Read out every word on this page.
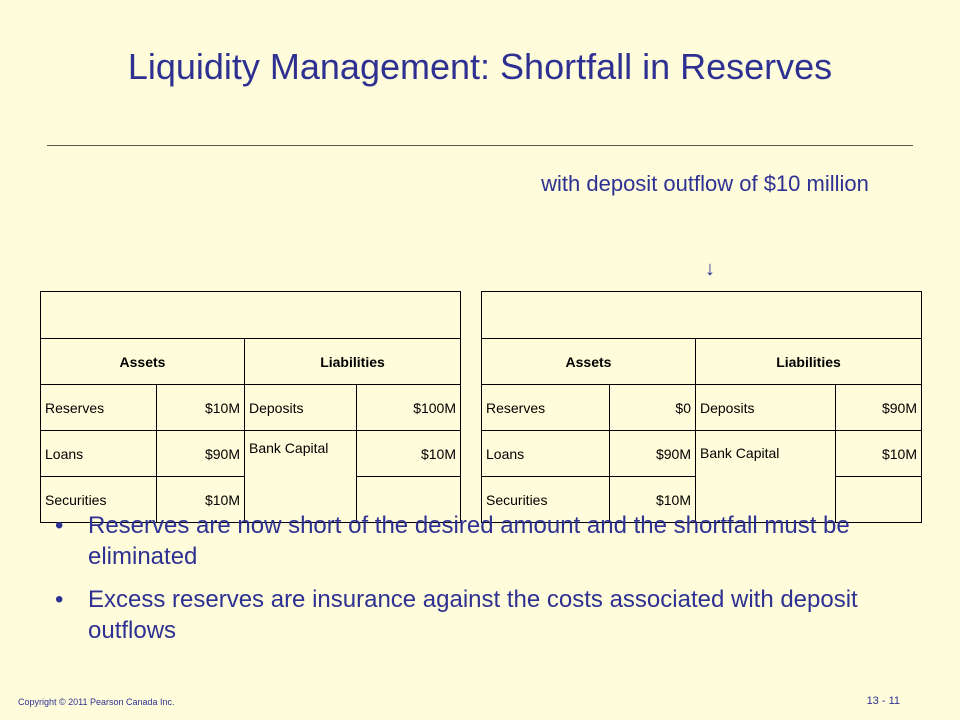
Liquidity Management: Shortfall in Reserves
with deposit outflow of $10 million
↓

Assets		Liabilities	
Reserves	$10M	Deposits	$100M
Loans	$90M	Bank Capital	$10M
Securities	$10M		

Assets		Liabilities	
Reserves	$0	Deposits	$90M
Loans	$90M	Bank Capital	$10M
Securities	$10M		
• Reserves are now short of the desired amount and the shortfall must be eliminated
• Excess reserves are insurance against the costs associated with deposit outflows
Copyright © 2011 Pearson Canada Inc.	13 - 11
